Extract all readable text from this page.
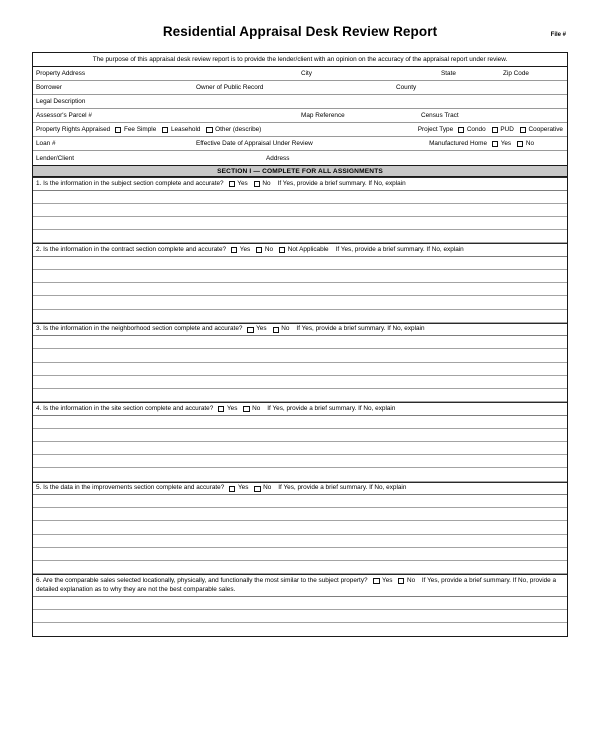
Residential Appraisal Desk Review Report	File #
The purpose of this appraisal desk review report is to provide the lender/client with an opinion on the accuracy of the appraisal report under review.
Property Address	City	State	Zip Code
Borrower	Owner of Public Record	County
Legal Description
Assessor's Parcel #	Map Reference	Census Tract
Property Rights Appraised Fee Simple Leasehold Other (describe)	Project Type Condo PUD Cooperative
Loan #	Effective Date of Appraisal Under Review	Manufactured Home Yes No
Lender/Client	Address
SECTION I — COMPLETE FOR ALL ASSIGNMENTS
1.
Is the information in the subject section complete and accurate? Yes No If Yes, provide a brief summary. If No, explain
2.
Is the information in the contract section complete and accurate? Yes No Not Applicable If Yes, provide a brief summary. If No, explain
3.
Is the information in the neighborhood section complete and accurate? Yes No If Yes, provide a brief summary. If No, explain
4.
Is the information in the site section complete and accurate? Yes No If Yes, provide a brief summary. If No, explain
5.
Is the data in the improvements section complete and accurate? Yes No If Yes, provide a brief summary. If No, explain
6. Are the comparable sales selected locationally, physically, and functionally the most similar to the subject property? Yes No If Yes, provide a brief summary. If No, provide a detailed explanation as to why they are not the best comparable sales.
